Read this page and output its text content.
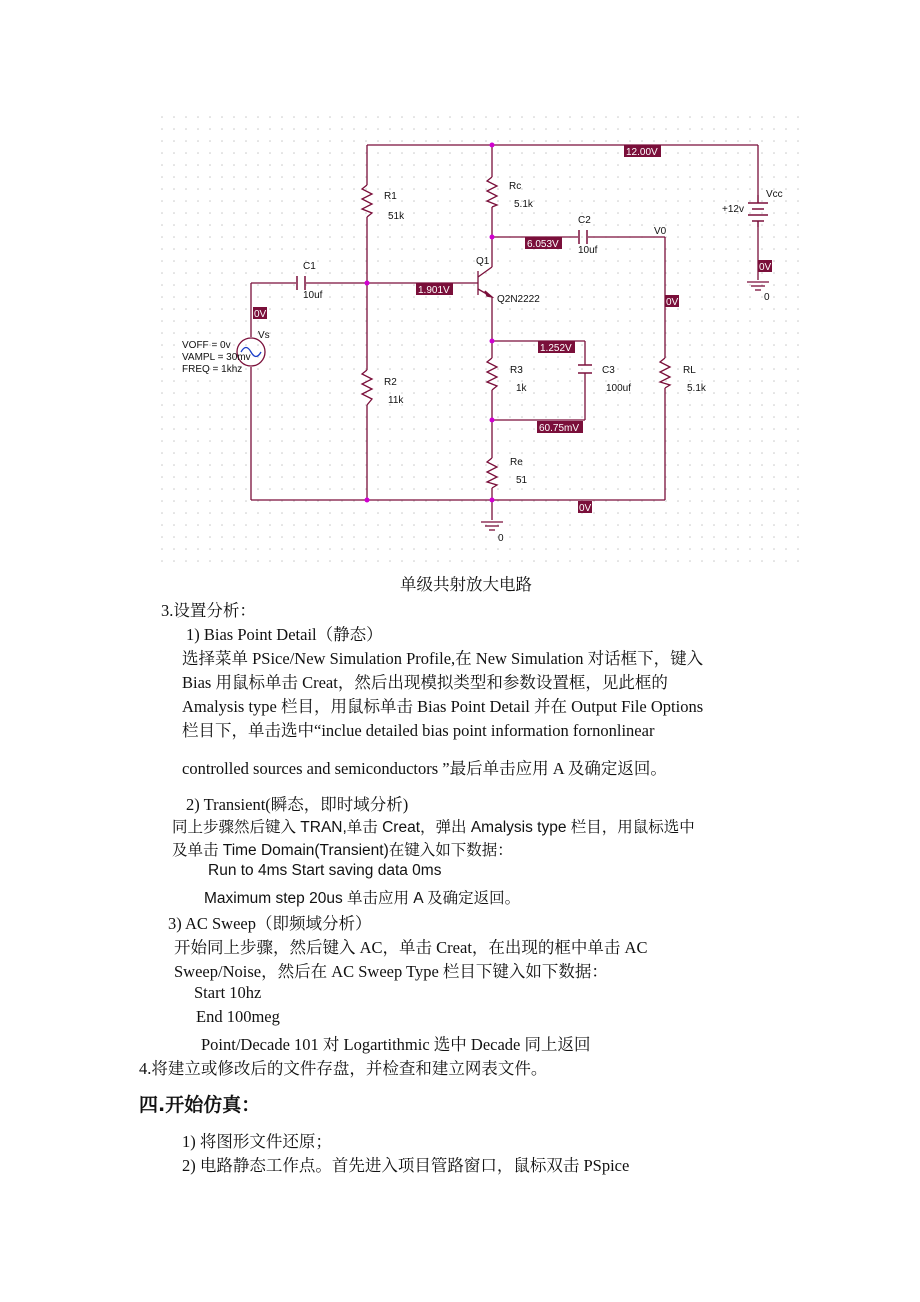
R1
51k
Rc
5.1k
C2
10uf
V0
Q1
Q2N2222
C1
10uf
Vcc
+12v
Vs
VOFF = 0v
VAMPL = 30mv
FREQ = 1khz
R2
11k
R3
1k
C3
100uf
RL
5.1k
Re
51
0
0
12.00V
6.053V
1.901V
0V
0V
0V
1.252V
60.75mV
0V
单级共射放大电路
3.设置分析：
1) Bias Point Detail（静态）
选择菜单 PSice/New Simulation Profile,在 New Simulation 对话框下，键入
Bias 用鼠标单击 Creat，然后出现模拟类型和参数设置框，见此框的
Amalysis type 栏目，用鼠标单击 Bias Point Detail 并在 Output File Options
栏目下，单击选中“inclue detailed bias point information fornonlinear
controlled sources and semiconductors ”最后单击应用 A 及确定返回。
2) Transient(瞬态，即时域分析)
同上步骤然后键入 TRAN,单击 Creat，弹出 Amalysis type 栏目，用鼠标选中
及单击 Time Domain(Transient)在键入如下数据：
Run to 4ms Start saving data 0ms
Maximum step 20us 单击应用 A 及确定返回。
3) AC Sweep（即频域分析）
开始同上步骤，然后键入 AC，单击 Creat，在出现的框中单击 AC
Sweep/Noise，然后在 AC Sweep Type 栏目下键入如下数据：
Start 10hz
End 100meg
Point/Decade 101 对 Logartithmic 选中 Decade 同上返回
4.将建立或修改后的文件存盘，并检查和建立网表文件。
四.开始仿真：
1) 将图形文件还原；
2) 电路静态工作点。首先进入项目管路窗口，鼠标双击 PSpice
